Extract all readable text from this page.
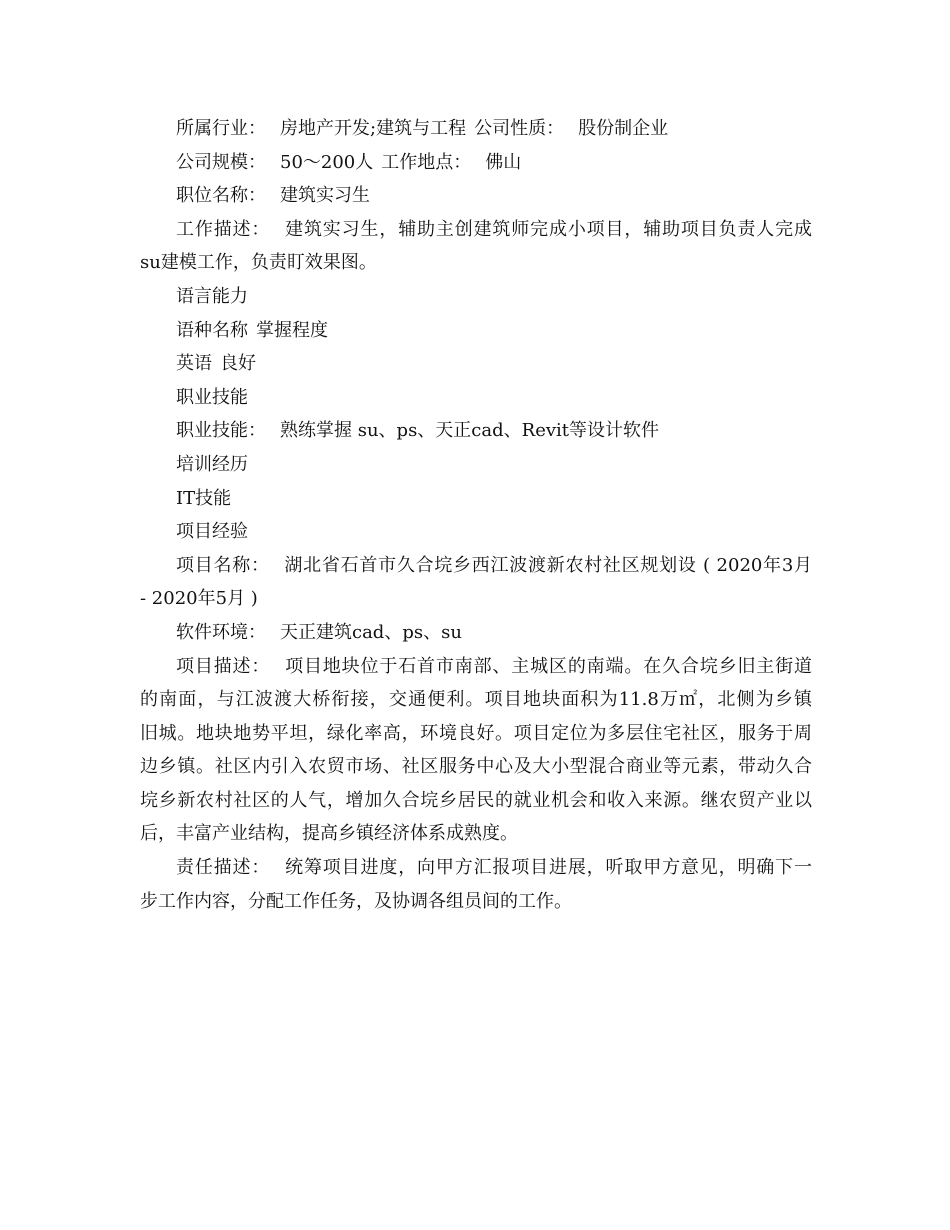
所属行业： 房地产开发;建筑与工程 公司性质： 股份制企业
公司规模： 50～200人 工作地点： 佛山
职位名称： 建筑实习生
工作描述： 建筑实习生，辅助主创建筑师完成小项目，辅助项目负责人完成
su建模工作，负责盯效果图。
语言能力
语种名称 掌握程度
英语 良好
职业技能
职业技能： 熟练掌握 su、ps、天正cad、Revit等设计软件
培训经历
IT技能
项目经验
项目名称： 湖北省石首市久合垸乡西江波渡新农村社区规划设 ( 2020年3月
- 2020年5月 )
软件环境： 天正建筑cad、ps、su
项目描述： 项目地块位于石首市南部、主城区的南端。在久合垸乡旧主街道
的南面，与江波渡大桥衔接，交通便利。项目地块面积为11.8万㎡，北侧为乡镇
旧城。地块地势平坦，绿化率高，环境良好。项目定位为多层住宅社区，服务于周
边乡镇。社区内引入农贸市场、社区服务中心及大小型混合商业等元素，带动久合
垸乡新农村社区的人气，增加久合垸乡居民的就业机会和收入来源。继农贸产业以
后，丰富产业结构，提高乡镇经济体系成熟度。
责任描述： 统筹项目进度，向甲方汇报项目进展，听取甲方意见，明确下一
步工作内容，分配工作任务，及协调各组员间的工作。
